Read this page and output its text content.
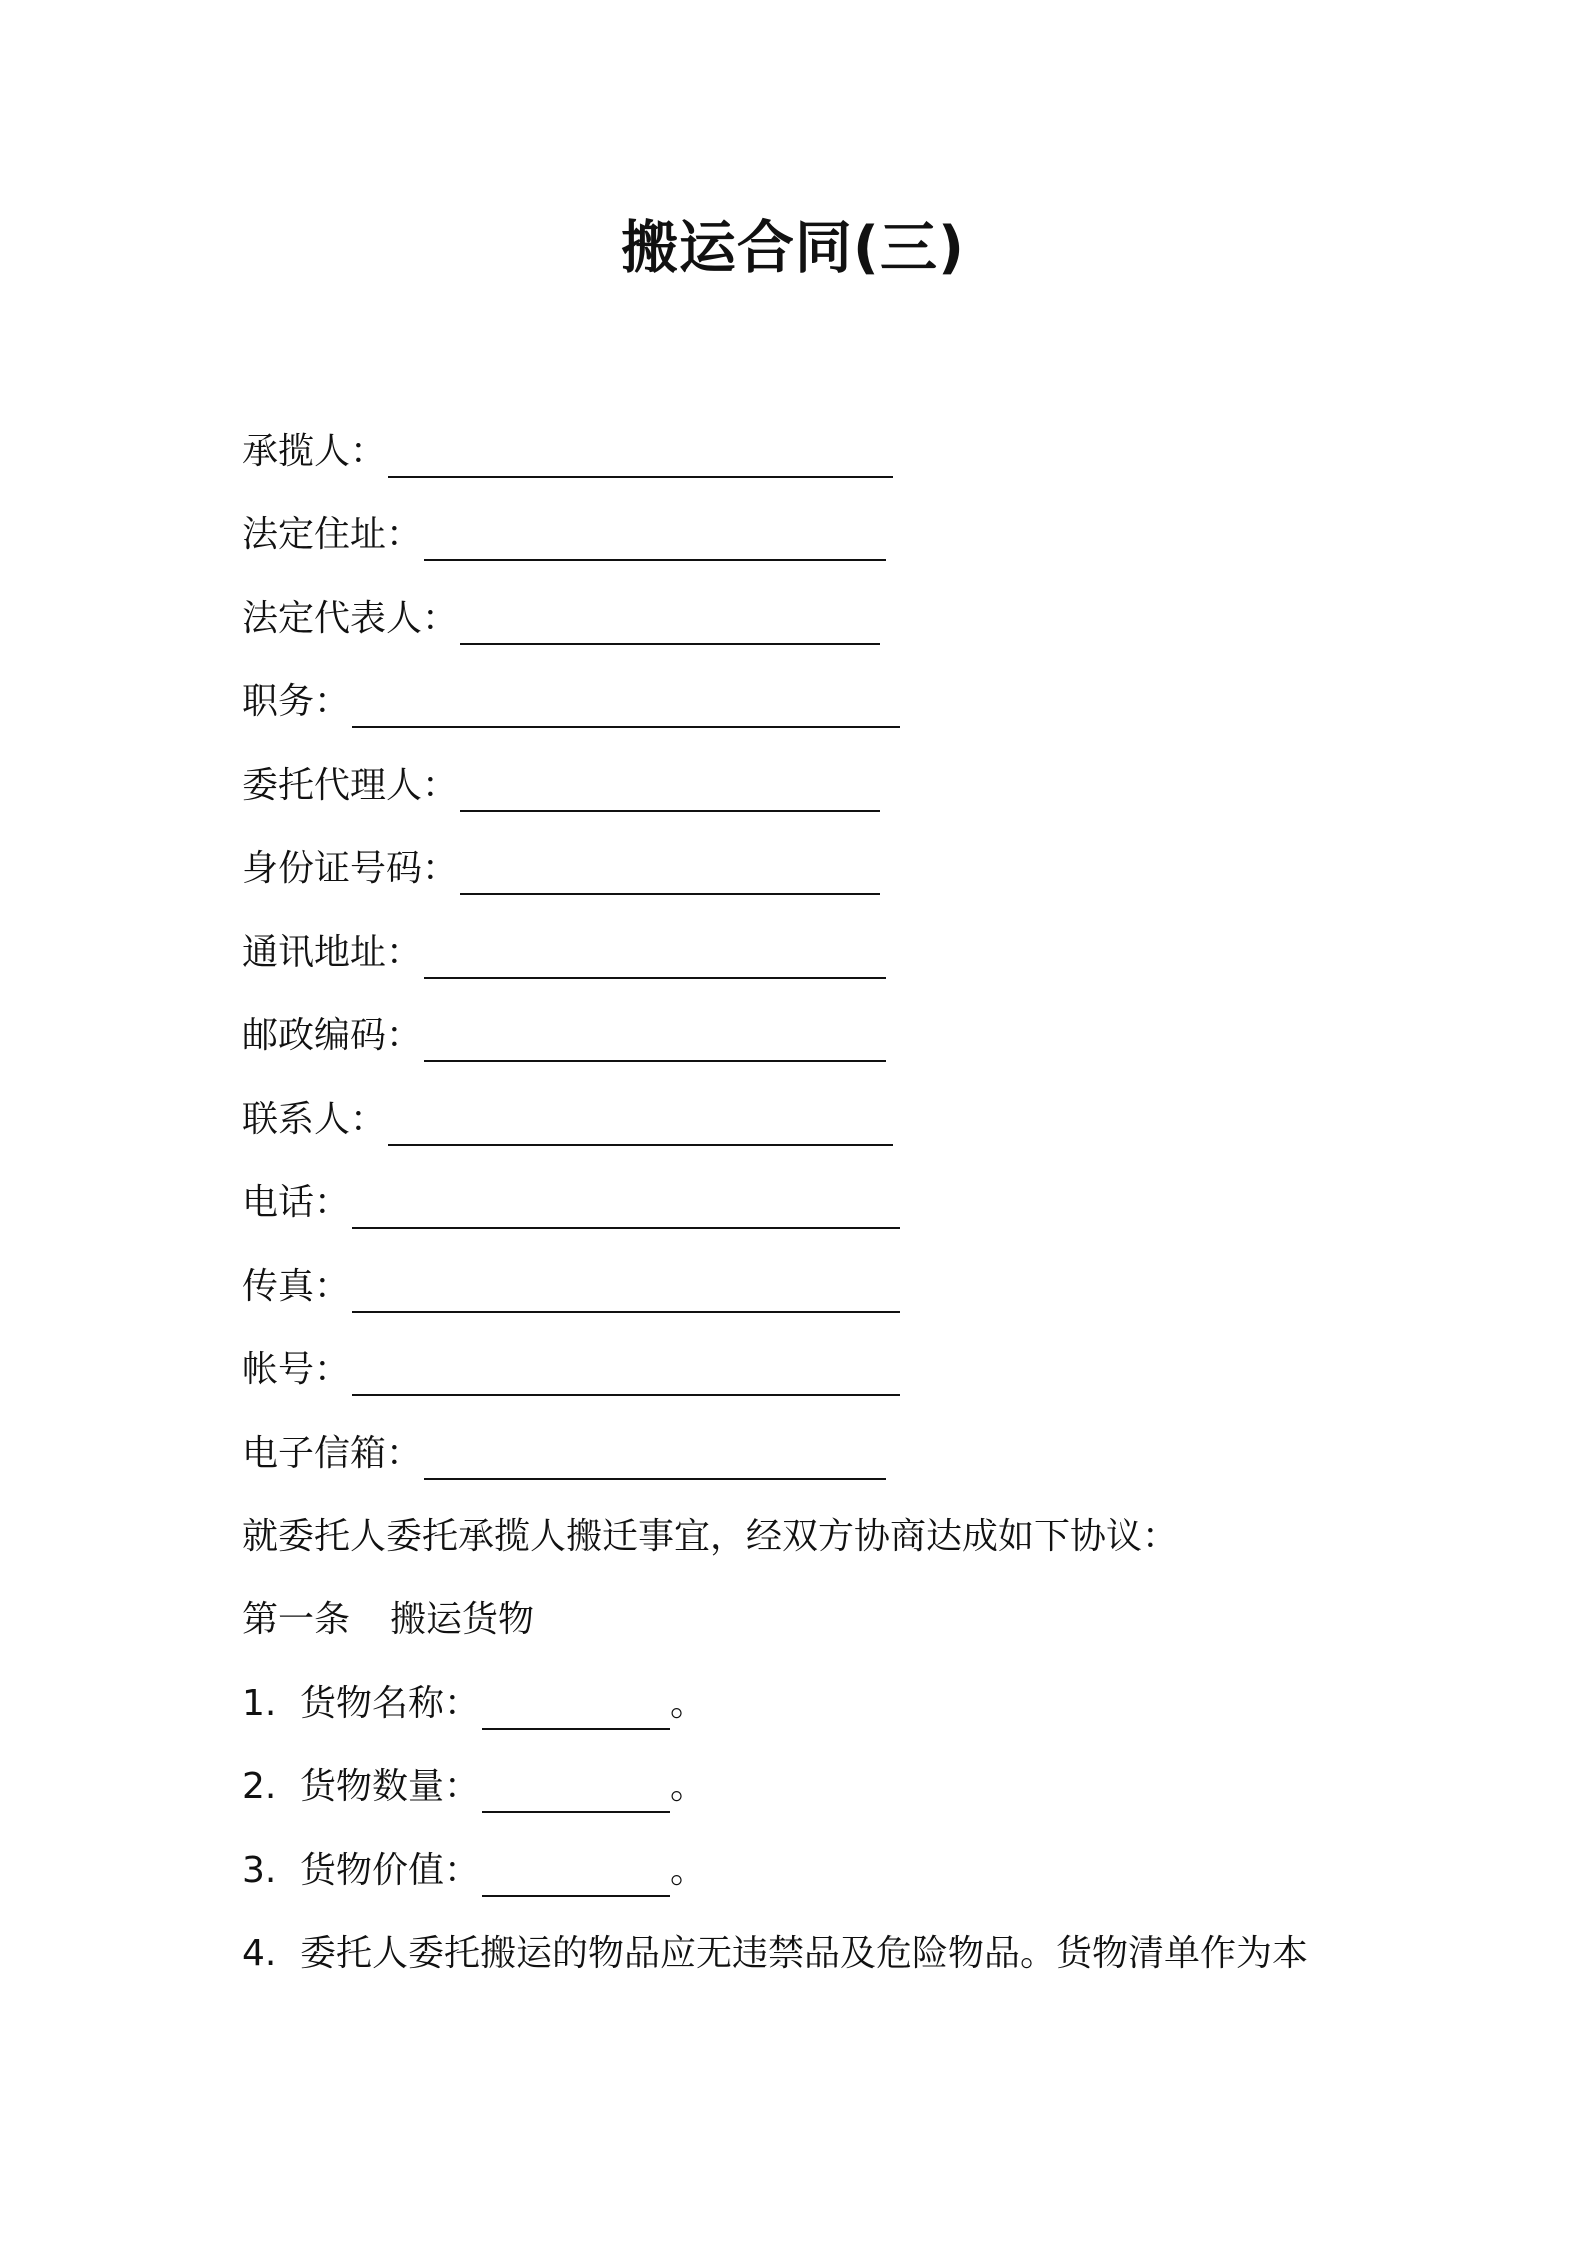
搬运合同(三)
承揽人：
法定住址：
法定代表人：
职务：
委托代理人：
身份证号码：
通讯地址：
邮政编码：
联系人：
电话：
传真：
帐号：
电子信箱：
就委托人委托承揽人搬迁事宜，经双方协商达成如下协议：
第一条 搬运货物
1. 货物名称：	。
2. 货物数量：	。
3. 货物价值：	。
4. 委托人委托搬运的物品应无违禁品及危险物品。货物清单作为本
